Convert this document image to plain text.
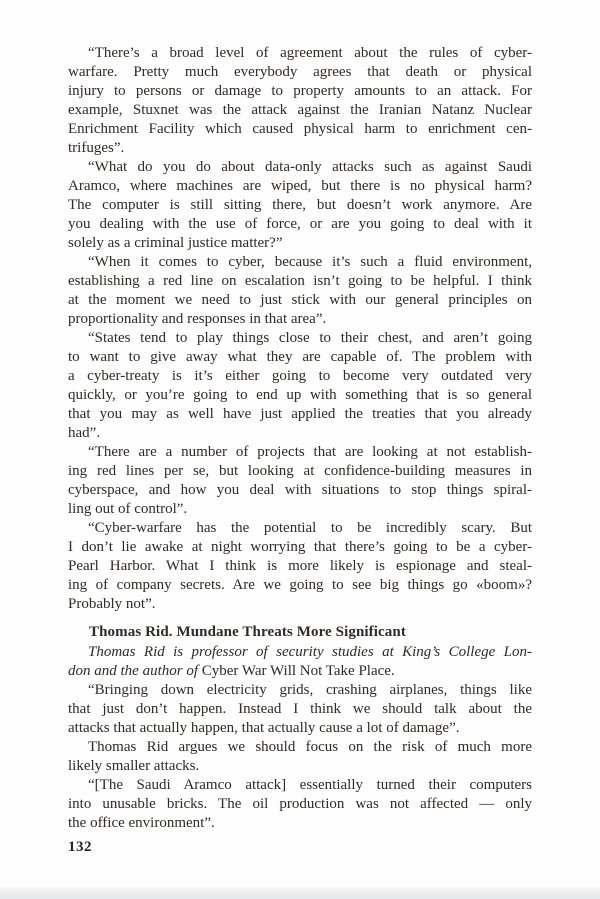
“There’s a broad level of agreement about the rules of cyber-
warfare. Pretty much everybody agrees that death or physical
injury to persons or damage to property amounts to an attack. For
example, Stuxnet was the attack against the Iranian Natanz Nuclear
Enrichment Facility which caused physical harm to enrichment cen-
trifuges”.
“What do you do about data-only attacks such as against Saudi
Aramco, where machines are wiped, but there is no physical harm?
The computer is still sitting there, but doesn’t work anymore. Are
you dealing with the use of force, or are you going to deal with it
solely as a criminal justice matter?”
“When it comes to cyber, because it’s such a fluid environment,
establishing a red line on escalation isn’t going to be helpful. I think
at the moment we need to just stick with our general principles on
proportionality and responses in that area”.
“States tend to play things close to their chest, and aren’t going
to want to give away what they are capable of. The problem with
a cyber-treaty is it’s either going to become very outdated very
quickly, or you’re going to end up with something that is so general
that you may as well have just applied the treaties that you already
had”.
“There are a number of projects that are looking at not establish-
ing red lines per se, but looking at confidence-building measures in
cyberspace, and how you deal with situations to stop things spiral-
ling out of control”.
“Cyber-warfare has the potential to be incredibly scary. But
I don’t lie awake at night worrying that there’s going to be a cyber-
Pearl Harbor. What I think is more likely is espionage and steal-
ing of company secrets. Are we going to see big things go «boom»?
Probably not”.
Thomas Rid. Mundane Threats More Significant
Thomas Rid is professor of security studies at King’s College Lon-
don and the author of Cyber War Will Not Take Place.
“Bringing down electricity grids, crashing airplanes, things like
that just don’t happen. Instead I think we should talk about the
attacks that actually happen, that actually cause a lot of damage”.
Thomas Rid argues we should focus on the risk of much more
likely smaller attacks.
“[The Saudi Aramco attack] essentially turned their computers
into unusable bricks. The oil production was not affected — only
the office environment”.
132
